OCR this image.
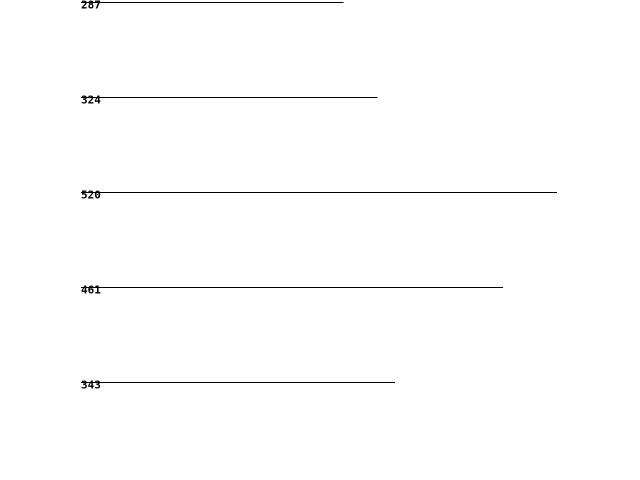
287
324
520
461
343
